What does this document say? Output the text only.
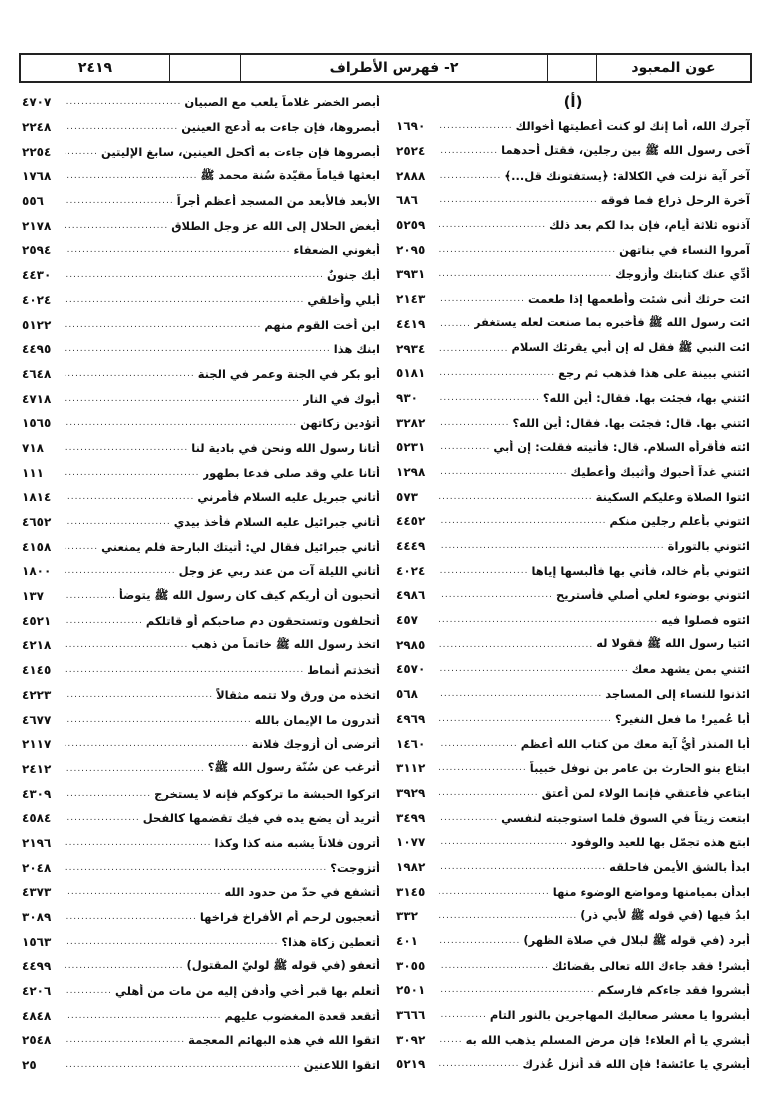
٢٤١٩	٢- فهرس الأطراف	عون المعبود
(أ)
آجرك الله، أما إنك لو كنت أعطيتها أخوالك
.....
١٦٩٠
آخى رسول الله ﷺ بين رجلين، فقتل أحدهما
.....
٢٥٢٤
آخر آية نزلت في الكلالة: ﴿يستفتونك قل...﴾
.....
٢٨٨٨
آخرة الرحل ذراع فما فوقه
.....
٦٨٦
آذنوه ثلاثة أيام، فإن بدا لكم بعد ذلك
.....
٥٢٥٩
آمروا النساء في بناتهن
.....
٢٠٩٥
أَدِّي عنك كتابتك وأزوجك
.....
٣٩٣١
ائت حرثك أنى شئت وأطعمها إذا طعمت
.....
٢١٤٣
ائت رسول الله ﷺ فأخبره بما صنعت لعله يستغفر
.....
٤٤١٩
ائت النبي ﷺ فقل له إن أبي يقرئك السلام
.....
٢٩٣٤
ائتني ببينة على هذا فذهب ثم رجع
.....
٥١٨١
ائتني بها، فجئت بها. فقال: أين الله؟
.....
٩٣٠
ائتني بها. قال: فجئت بها. فقال: أين الله؟
.....
٣٢٨٢
ائته فأقرأه السلام. قال: فأتيته فقلت: إن أبي
.....
٥٢٣١
ائتني غداً أحبوك وأثيبك وأعطيك
.....
١٢٩٨
ائتوا الصلاة وعليكم السكينة
.....
٥٧٣
ائتوني بأعلم رجلين منكم
.....
٤٤٥٢
ائتوني بالتوراة
.....
٤٤٤٩
ائتوني بأم خالد، فأُتي بها فألبسها إياها
.....
٤٠٢٤
ائتوني بوضوء لعلي أصلي فأستريح
.....
٤٩٨٦
ائتوه فصلوا فيه
.....
٤٥٧
ائتيا رسول الله ﷺ فقولا له
.....
٢٩٨٥
ائتني بمن يشهد معك
.....
٤٥٧٠
ائذنوا للنساء إلى المساجد
.....
٥٦٨
أبا عُمير! ما فعل النغير؟
.....
٤٩٦٩
أبا المنذر أيُّ آية معك من كتاب الله أعظم
.....
١٤٦٠
ابتاع بنو الحارث بن عامر بن نوفل خبيباً
.....
٣١١٢
ابتاعي فأعتقي فإنما الولاء لمن أعتق
.....
٣٩٢٩
ابتعت زيتاً في السوق فلما استوجبته لنفسي
.....
٣٤٩٩
ابتع هذه تجمّل بها للعيد والوفود
.....
١٠٧٧
ابدأ بالشق الأيمن فاحلقه
.....
١٩٨٢
ابدأن بميامنها ومواضع الوضوء منها
.....
٣١٤٥
ابدُ فيها (في قوله ﷺ لأبي ذر)
.....
٣٣٢
أبرد (في قوله ﷺ لبلال في صلاة الظهر)
.....
٤٠١
أبشر! فقد جاءك الله تعالى بقضائك
.....
٣٠٥٥
أبشروا فقد جاءكم فارسكم
.....
٢٥٠١
أبشروا يا معشر صعاليك المهاجرين بالنور التام
.....
٣٦٦٦
أبشري يا أم العلاء! فإن مرض المسلم يذهب الله به
.....
٣٠٩٢
أبشري يا عائشة! فإن الله قد أنزل عُذرك
.....
٥٢١٩
أبصر الخضر غلاماً يلعب مع الصبيان
.....
٤٧٠٧
أبصروها، فإن جاءت به أدعج العينين
.....
٢٢٤٨
أبصروها فإن جاءت به أكحل العينين، سابغ الإليتين
.....
٢٢٥٤
ابعثها قياماً مقيّدة سُنة محمد ﷺ
.....
١٧٦٨
الأبعد فالأبعد من المسجد أعظم أجراً
.....
٥٥٦
أبغض الحلال إلى الله عز وجل الطلاق
.....
٢١٧٨
أبغوني الضعفاء
.....
٢٥٩٤
أبك جنونٌ
.....
٤٤٣٠
أبلي وأخلقي
.....
٤٠٢٤
ابن أخت القوم منهم
.....
٥١٢٢
ابنك هذا
.....
٤٤٩٥
أبو بكر في الجنة وعمر في الجنة
.....
٤٦٤٨
أبوك في النار
.....
٤٧١٨
أتؤدين زكاتهن
.....
١٥٦٥
أتانا رسول الله ونحن في بادية لنا
.....
٧١٨
أتانا علي وقد صلى فدعا بطهور
.....
١١١
أتاني جبريل عليه السلام فأمرني
.....
١٨١٤
أتاني جبرائيل عليه السلام فأخذ بيدي
.....
٤٦٥٢
أتاني جبرائيل فقال لي: أتيتك البارحة فلم يمنعني
.....
٤١٥٨
أتاني الليلة آت من عند ربي عز وجل
.....
١٨٠٠
أتحبون أن أريكم كيف كان رسول الله ﷺ يتوضأ
.....
١٣٧
أتحلفون وتستحقون دم صاحبكم أو قاتلكم
.....
٤٥٢١
اتخذ رسول الله ﷺ خاتماً من ذهب
.....
٤٢١٨
أتخذتم أنماط
.....
٤١٤٥
اتخذه من ورق ولا تتمه مثقالاً
.....
٤٢٢٣
أتدرون ما الإيمان بالله
.....
٤٦٧٧
أترضى أن أزوجك فلانة
.....
٢١١٧
أترغب عن سُنّة رسول الله ﷺ؟
.....
٢٤١٢
اتركوا الحبشة ما تركوكم فإنه لا يستخرج
.....
٤٣٠٩
أتريد أن يضع يده في فيك تقضمها كالفحل
.....
٤٥٨٤
أترون فلاناً يشبه منه كذا وكذا
.....
٢١٩٦
أتزوجت؟
.....
٢٠٤٨
أتشفع في حدّ من حدود الله
.....
٤٣٧٣
أتعجبون لرحم أم الأفراخ فراخها
.....
٣٠٨٩
أتعطين زكاة هذا؟
.....
١٥٦٣
أتعفو (في قوله ﷺ لوليّ المقتول)
.....
٤٤٩٩
أتعلم بها قبر أخي وأدفن إليه من مات من أهلي
.....
٤٢٠٦
أتقعد قعدة المغضوب عليهم
.....
٤٨٤٨
اتقوا الله في هذه البهائم المعجمة
.....
٢٥٤٨
اتقوا اللاعنين
.....
٢٥
